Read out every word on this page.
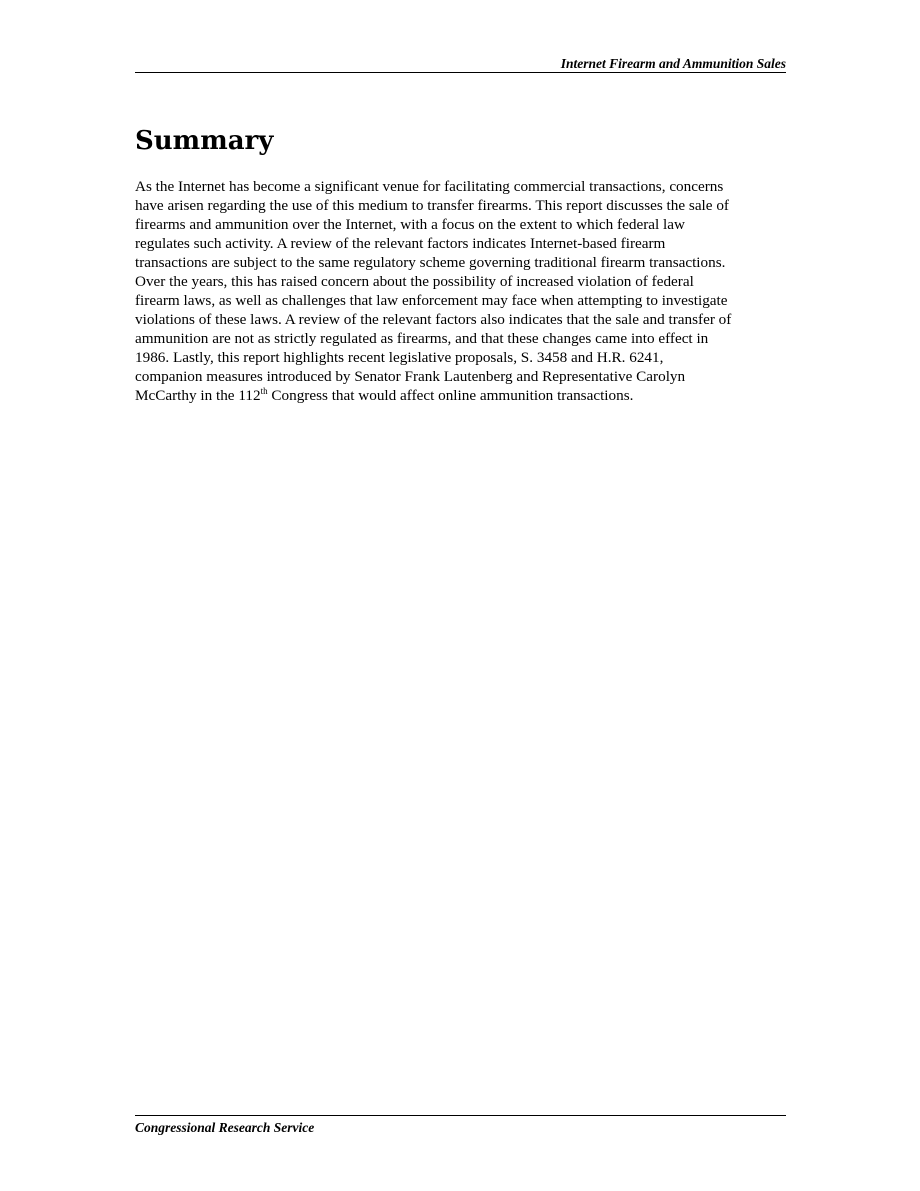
Internet Firearm and Ammunition Sales
Summary
As the Internet has become a significant venue for facilitating commercial transactions, concerns
have arisen regarding the use of this medium to transfer firearms. This report discusses the sale of
firearms and ammunition over the Internet, with a focus on the extent to which federal law
regulates such activity. A review of the relevant factors indicates Internet-based firearm
transactions are subject to the same regulatory scheme governing traditional firearm transactions.
Over the years, this has raised concern about the possibility of increased violation of federal
firearm laws, as well as challenges that law enforcement may face when attempting to investigate
violations of these laws. A review of the relevant factors also indicates that the sale and transfer of
ammunition are not as strictly regulated as firearms, and that these changes came into effect in
1986. Lastly, this report highlights recent legislative proposals, S. 3458 and H.R. 6241,
companion measures introduced by Senator Frank Lautenberg and Representative Carolyn
McCarthy in the 112th Congress that would affect online ammunition transactions.
Congressional Research Service
